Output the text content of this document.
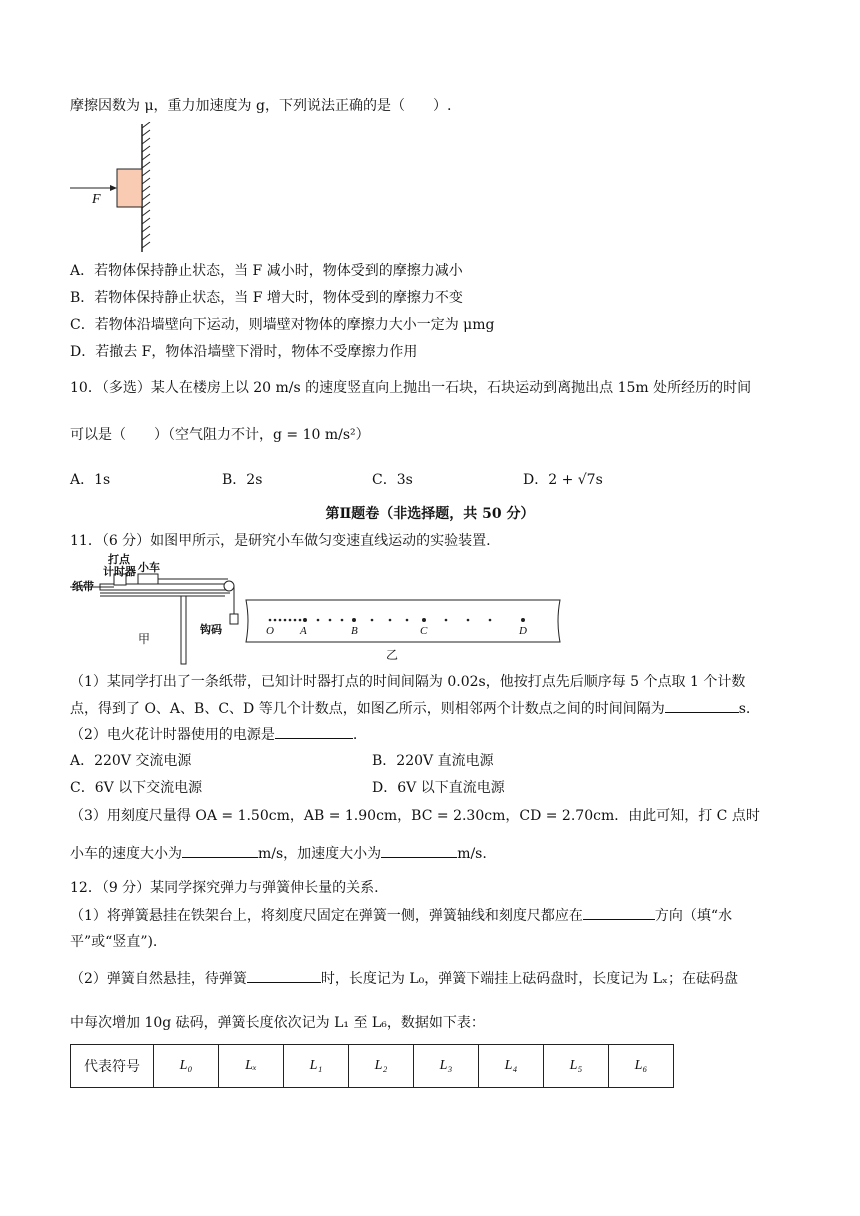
摩擦因数为 μ，重力加速度为 g，下列说法正确的是（　　）.
F
A．若物体保持静止状态，当 F 减小时，物体受到的摩擦力减小
B．若物体保持静止状态，当 F 增大时，物体受到的摩擦力不变
C．若物体沿墙壁向下运动，则墙壁对物体的摩擦力大小一定为 μmg
D．若撤去 F，物体沿墙壁下滑时，物体不受摩擦力作用
10．（多选）某人在楼房上以 20 m/s 的速度竖直向上抛出一石块，石块运动到离抛出点 15m 处所经历的时间
可以是（　　）（空气阻力不计，g = 10 m/s²）
A．1s	B．2s	C．3s	D．2 + √7s
第Ⅱ题卷（非选择题，共 50 分）
11．（6 分）如图甲所示，是研究小车做匀变速直线运动的实验装置.
打点
计时器 小车
纸带
钩码
甲
O A	B	C	D
乙
（1）某同学打出了一条纸带，已知计时器打点的时间间隔为 0.02s，他按打点先后顺序每 5 个点取 1 个计数
点，得到了 O、A、B、C、D 等几个计数点，如图乙所示，则相邻两个计数点之间的时间间隔为	s.
（2）电火花计时器使用的电源是	.
A．220V 交流电源	B．220V 直流电源
C．6V 以下交流电源	D．6V 以下直流电源
（3）用刻度尺量得 OA = 1.50cm，AB = 1.90cm，BC = 2.30cm，CD = 2.70cm．由此可知，打 C 点时
小车的速度大小为	m/s，加速度大小为	m/s.
12．（9 分）某同学探究弹力与弹簧伸长量的关系.
（1）将弹簧悬挂在铁架台上，将刻度尺固定在弹簧一侧，弹簧轴线和刻度尺都应在	方向（填“水
平”或“竖直”).
（2）弹簧自然悬挂，待弹簧	时，长度记为 L₀，弹簧下端挂上砝码盘时，长度记为 Lₓ；在砝码盘
中每次增加 10g 砝码，弹簧长度依次记为 L₁ 至 L₆，数据如下表：
代表符号	L₀	Lₓ	L₁	L₂	L₃	L₄	L₅	L₆
